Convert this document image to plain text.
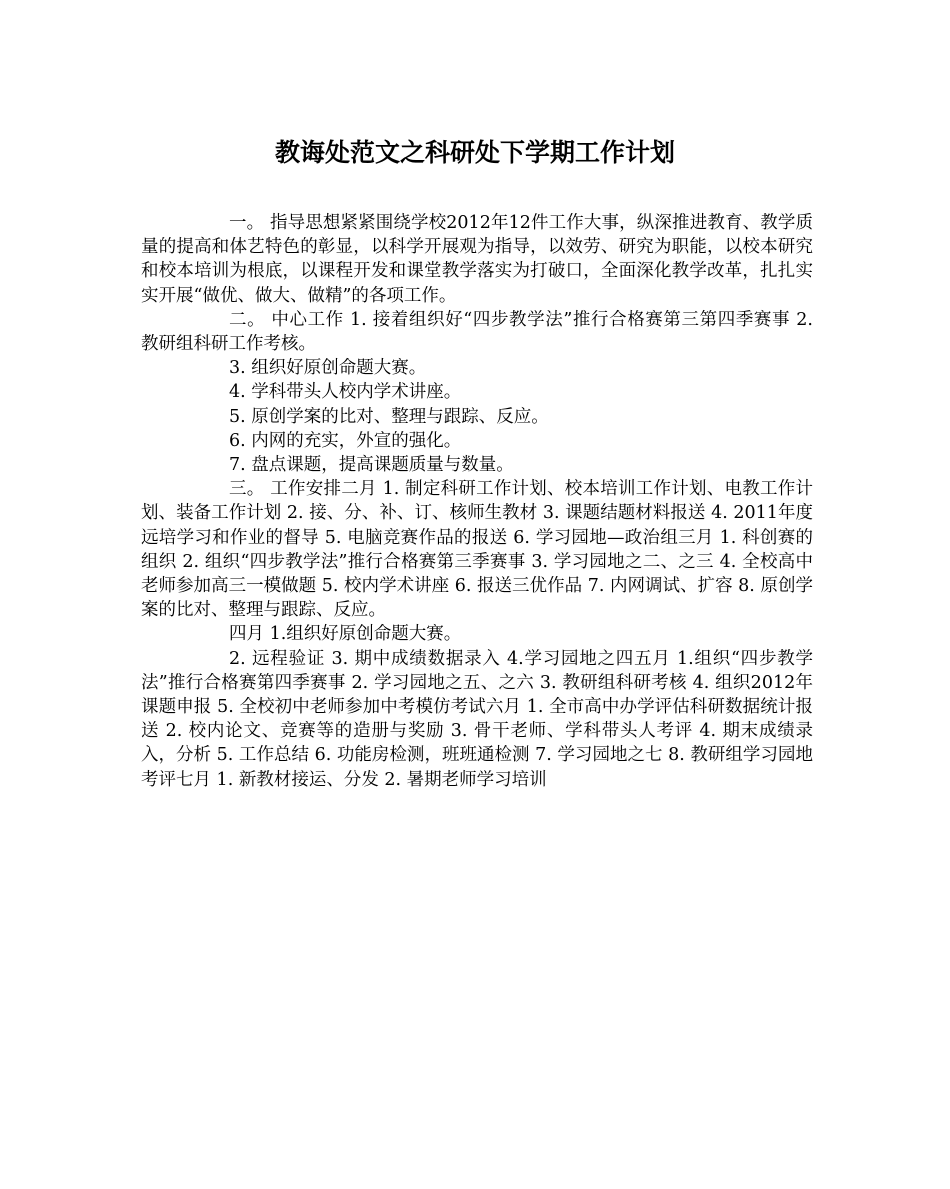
教诲处范文之科研处下学期工作计划

一。 指导思想紧紧围绕学校2012年12件工作大事，纵深推进教育、教学质量的提高和体艺特色的彰显，以科学开展观为指导，以效劳、研究为职能，以校本研究和校本培训为根底，以课程开发和课堂教学落实为打破口，全面深化教学改革，扎扎实实开展“做优、做大、做精”的各项工作。

二。 中心工作 1. 接着组织好“四步教学法”推行合格赛第三第四季赛事 2. 教研组科研工作考核。

3. 组织好原创命题大赛。

4. 学科带头人校内学术讲座。

5. 原创学案的比对、整理与跟踪、反应。

6. 内网的充实，外宣的强化。

7. 盘点课题，提高课题质量与数量。

三。 工作安排二月 1. 制定科研工作计划、校本培训工作计划、电教工作计划、装备工作计划 2. 接、分、补、订、核师生教材 3. 课题结题材料报送 4. 2011年度远培学习和作业的督导 5. 电脑竞赛作品的报送 6. 学习园地—政治组三月 1. 科创赛的组织 2. 组织“四步教学法”推行合格赛第三季赛事 3. 学习园地之二、之三 4. 全校高中老师参加高三一模做题 5. 校内学术讲座 6. 报送三优作品 7. 内网调试、扩容 8. 原创学案的比对、整理与跟踪、反应。

四月 1.组织好原创命题大赛。

2. 远程验证 3. 期中成绩数据录入 4.学习园地之四五月 1.组织“四步教学法”推行合格赛第四季赛事 2. 学习园地之五、之六 3. 教研组科研考核 4. 组织2012年课题申报 5. 全校初中老师参加中考模仿考试六月 1. 全市高中办学评估科研数据统计报送 2. 校内论文、竞赛等的造册与奖励 3. 骨干老师、学科带头人考评 4. 期末成绩录入，分析 5. 工作总结 6. 功能房检测，班班通检测 7. 学习园地之七 8. 教研组学习园地考评七月 1. 新教材接运、分发 2. 暑期老师学习培训
